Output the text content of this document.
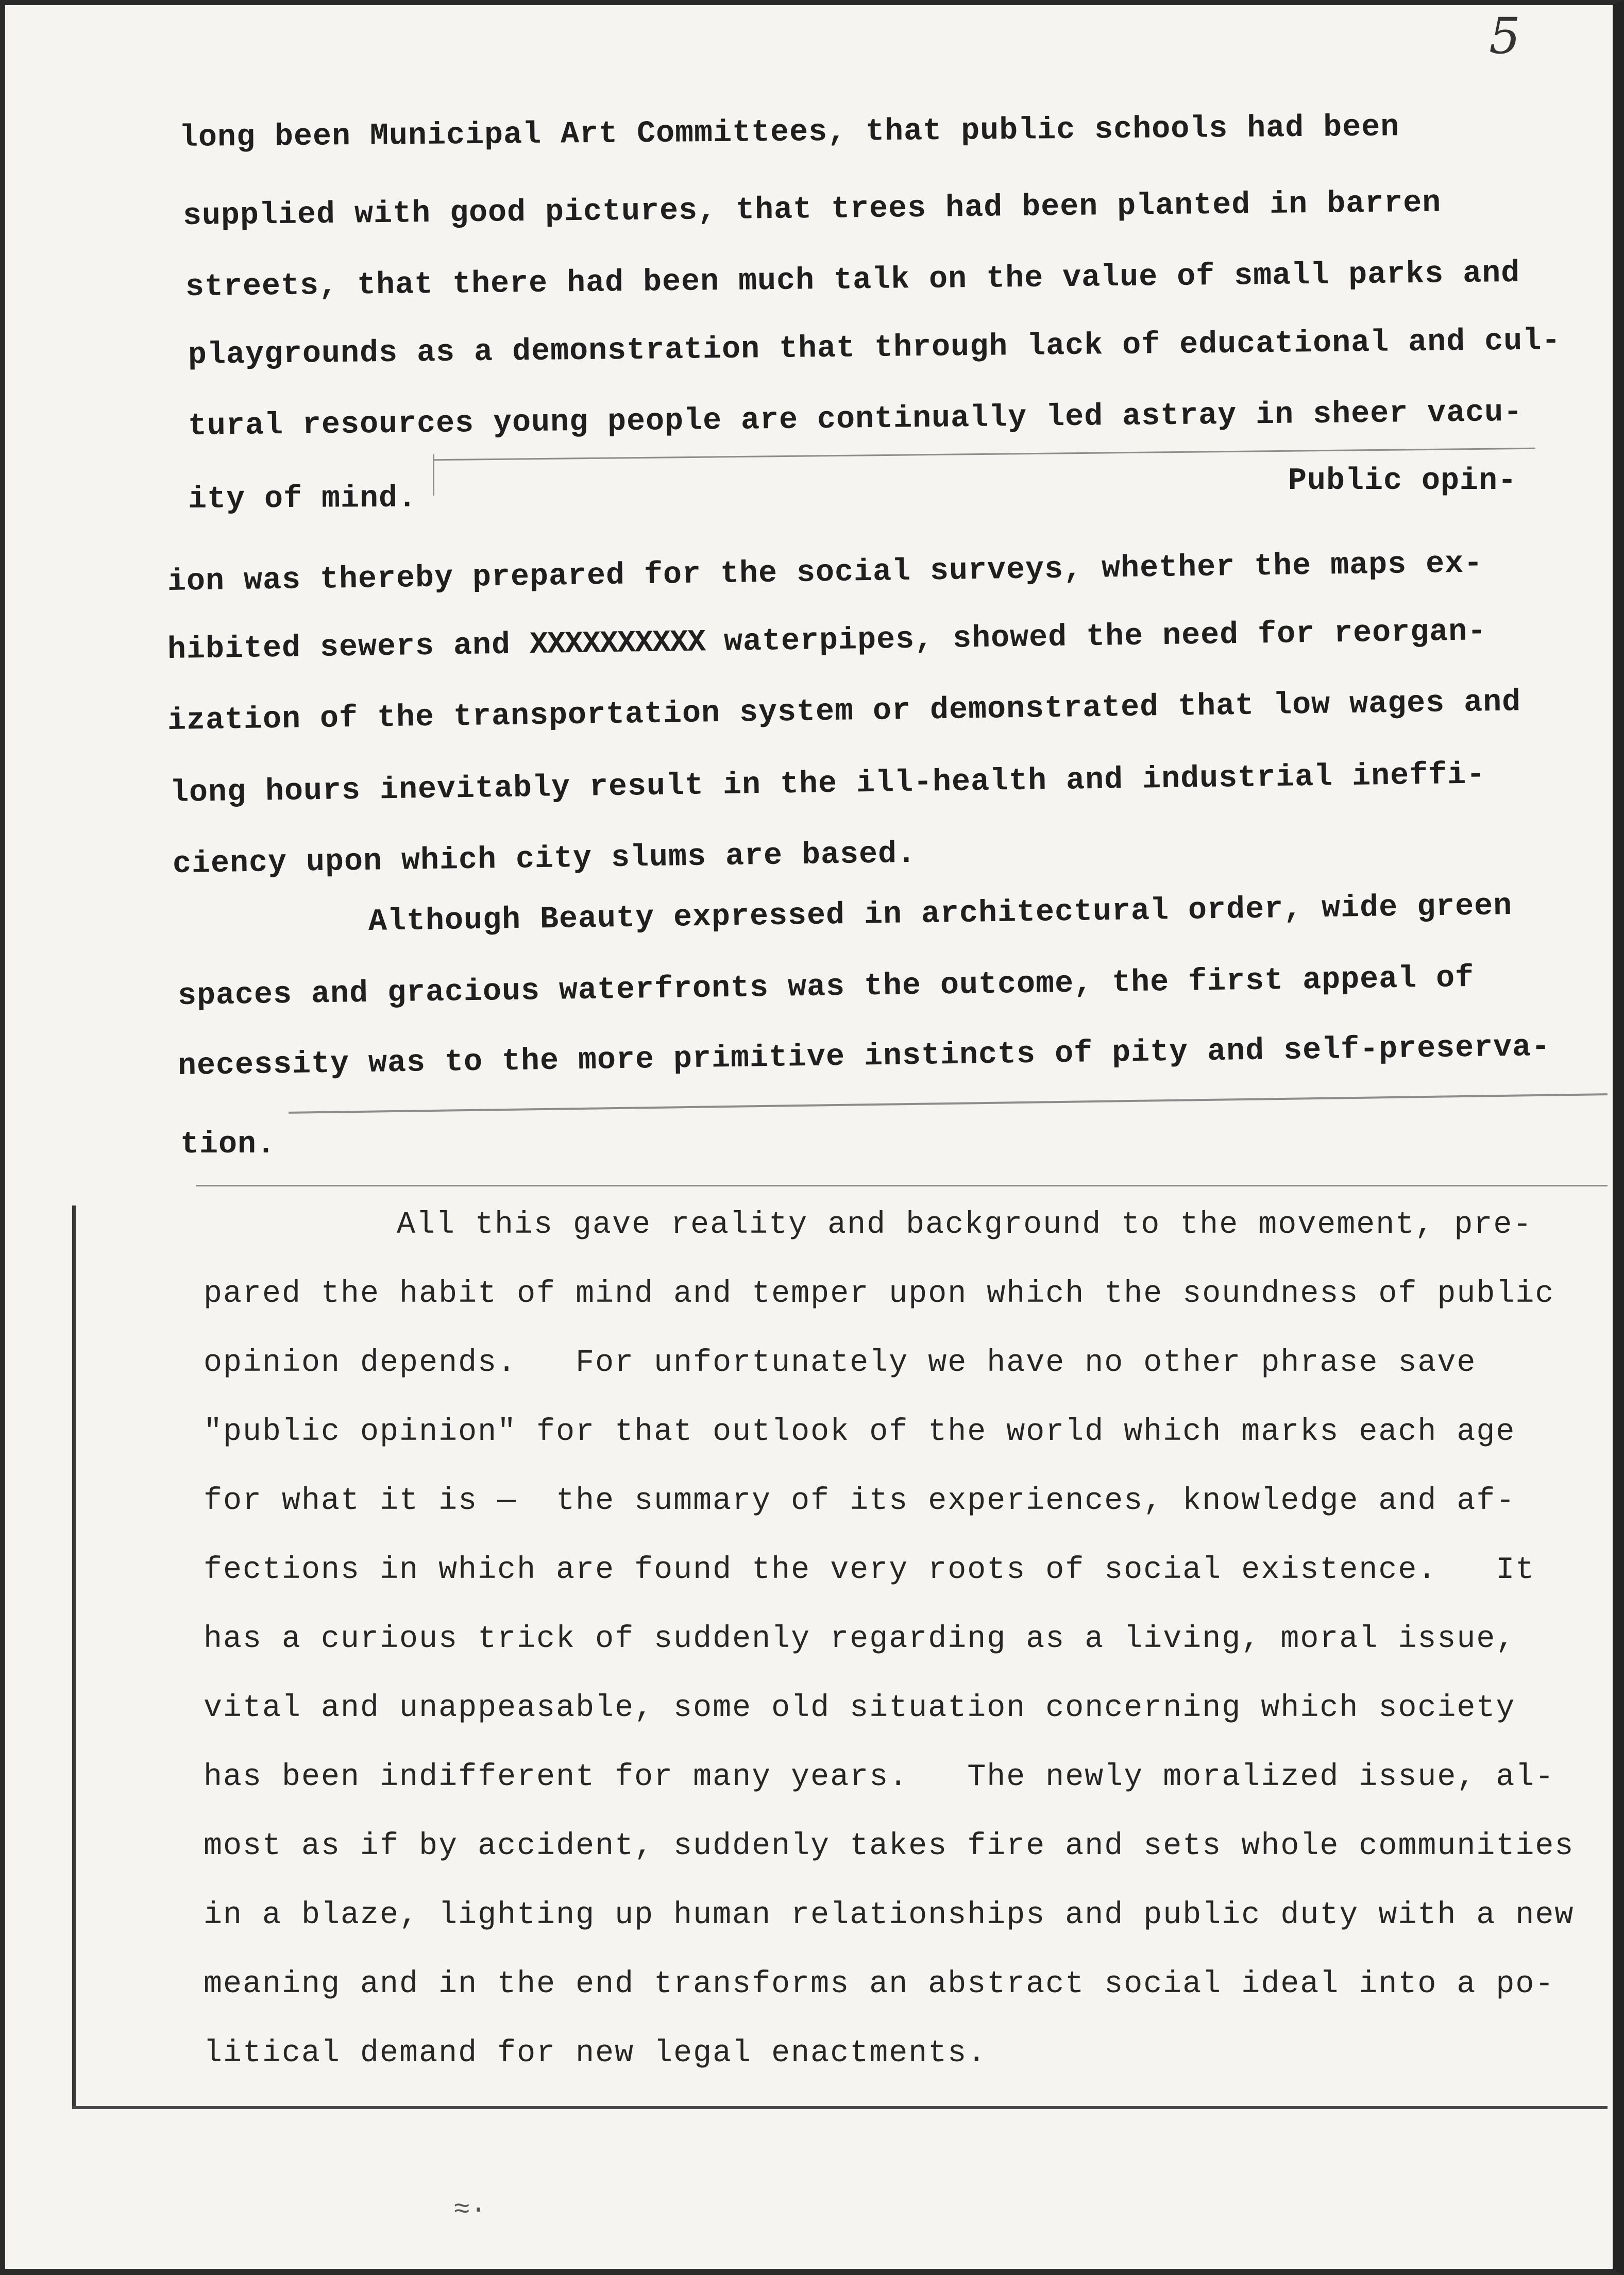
5
long been Municipal Art Committees, that public schools had been
supplied with good pictures, that trees had been planted in barren
streets, that there had been much talk on the value of small parks and
playgrounds as a demonstration that through lack of educational and cul-
tural resources young people are continually led astray in sheer vacu-
ity of mind.	Public opin-
ion was thereby prepared for the social surveys, whether the maps ex-
hibited sewers and XXXXXXXXXX waterpipes, showed the need for reorgan-
ization of the transportation system or demonstrated that low wages and
long hours inevitably result in the ill-health and industrial ineffi-
ciency upon which city slums are based.
Although Beauty expressed in architectural order, wide green
spaces and gracious waterfronts was the outcome, the first appeal of
necessity was to the more primitive instincts of pity and self-preserva-
tion.
All this gave reality and background to the movement, pre-
pared the habit of mind and temper upon which the soundness of public
opinion depends.   For unfortunately we have no other phrase save
"public opinion" for that outlook of the world which marks each age
for what it is —  the summary of its experiences, knowledge and af-
fections in which are found the very roots of social existence.   It
has a curious trick of suddenly regarding as a living, moral issue,
vital and unappeasable, some old situation concerning which society
has been indifferent for many years.   The newly moralized issue, al-
most as if by accident, suddenly takes fire and sets whole communities
in a blaze, lighting up human relationships and public duty with a new
meaning and in the end transforms an abstract social ideal into a po-
litical demand for new legal enactments.
≈·
